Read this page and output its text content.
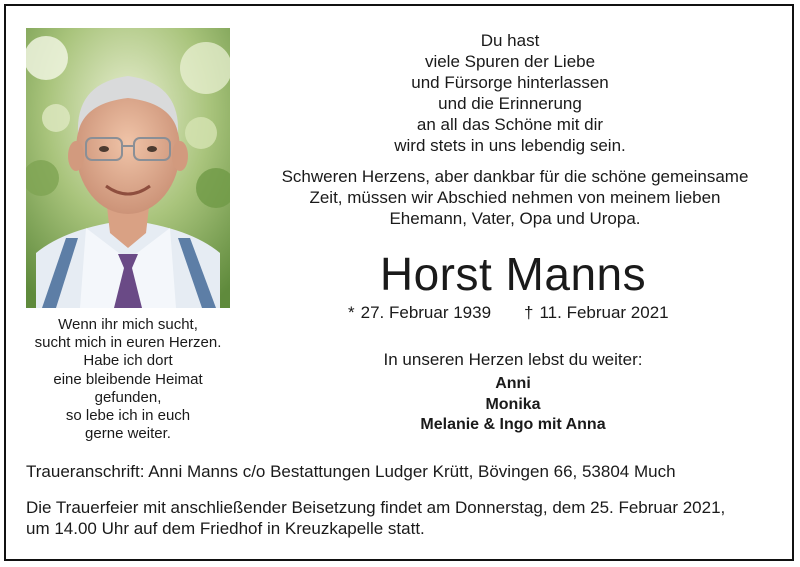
Wenn ihr mich sucht,
sucht mich in euren Herzen.
Habe ich dort
eine bleibende Heimat
gefunden,
so lebe ich in euch
gerne weiter.
Du hast
viele Spuren der Liebe
und Fürsorge hinterlassen
und die Erinnerung
an all das Schöne mit dir
wird stets in uns lebendig sein.
Schweren Herzens, aber dankbar für die schöne gemeinsame
Zeit, müssen wir Abschied nehmen von meinem lieben
Ehemann, Vater, Opa und Uropa.
Horst Manns
* 27. Februar 1939 † 11. Februar 2021
In unseren Herzen lebst du weiter:
Anni
Monika
Melanie & Ingo mit Anna
Traueranschrift: Anni Manns c/o Bestattungen Ludger Krütt, Bövingen 66, 53804 Much
Die Trauerfeier mit anschließender Beisetzung findet am Donnerstag, dem 25. Februar 2021,
um 14.00 Uhr auf dem Friedhof in Kreuzkapelle statt.
